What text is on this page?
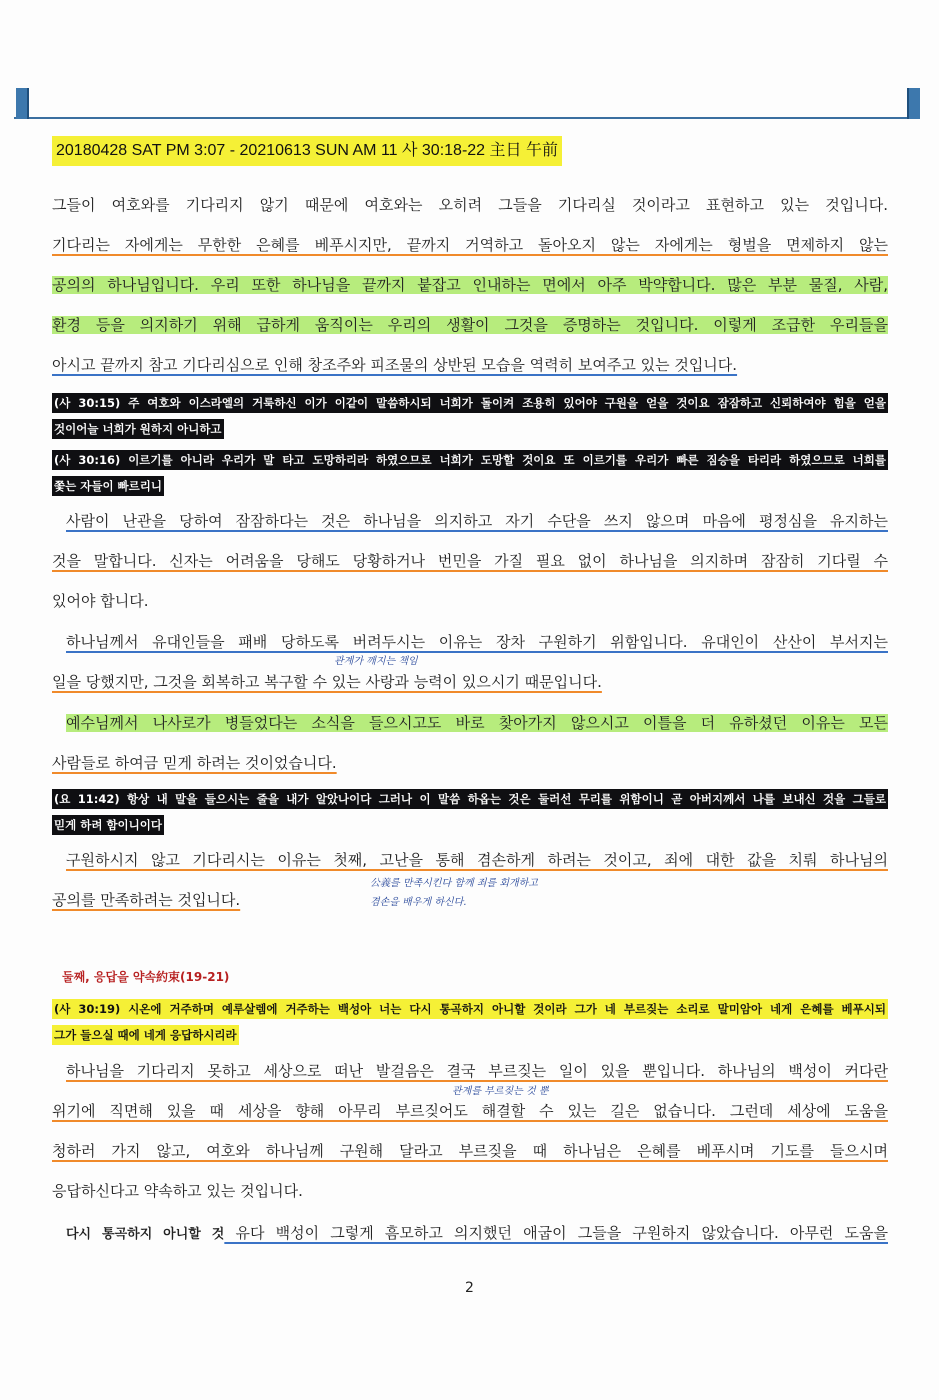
20180428 SAT PM 3:07 - 20210613 SUN AM 11 사 30:18-22 主日 午前
그들이 여호와를 기다리지 않기 때문에 여호와는 오히려 그들을 기다리실 것이라고 표현하고 있는 것입니다.
기다리는 자에게는 무한한 은혜를 베푸시지만, 끝까지 거역하고 돌아오지 않는 자에게는 형벌을 면제하지 않는
공의의 하나님입니다. 우리 또한 하나님을 끝까지 붙잡고 인내하는 면에서 아주 박약합니다. 많은 부분 물질, 사람,
환경 등을 의지하기 위해 급하게 움직이는 우리의 생활이 그것을 증명하는 것입니다. 이렇게 조급한 우리들을
아시고 끝까지 참고 기다리심으로 인해 창조주와 피조물의 상반된 모습을 역력히 보여주고 있는 것입니다.
(사 30:15) 주 여호와 이스라엘의 거룩하신 이가 이같이 말씀하시되 너희가 돌이켜 조용히 있어야 구원을 얻을 것이요 잠잠하고 신뢰하여야 힘을 얻을
것이어늘 너희가 원하지 아니하고
(사 30:16) 이르기를 아니라 우리가 말 타고 도망하리라 하였으므로 너희가 도망할 것이요 또 이르기를 우리가 빠른 짐승을 타리라 하였으므로 너희를
쫓는 자들이 빠르리니
사람이 난관을 당하여 잠잠하다는 것은 하나님을 의지하고 자기 수단을 쓰지 않으며 마음에 평정심을 유지하는
것을 말합니다. 신자는 어려움을 당해도 당황하거나 번민을 가질 필요 없이 하나님을 의지하며 잠잠히 기다릴 수
있어야 합니다.
하나님께서 유대인들을 패배 당하도록 버려두시는 이유는 장차 구원하기 위함입니다. 유대인이 산산이 부서지는
일을 당했지만, 그것을 회복하고 복구할 수 있는 사랑과 능력이 있으시기 때문입니다.
예수님께서 나사로가 병들었다는 소식을 들으시고도 바로 찾아가지 않으시고 이틀을 더 유하셨던 이유는 모든
사람들로 하여금 믿게 하려는 것이었습니다.
(요 11:42) 항상 내 말을 들으시는 줄을 내가 알았나이다 그러나 이 말씀 하옵는 것은 둘러선 무리를 위함이니 곧 아버지께서 나를 보내신 것을 그들로
믿게 하려 함이니이다
구원하시지 않고 기다리시는 이유는 첫째, 고난을 통해 겸손하게 하려는 것이고, 죄에 대한 값을 치뤄 하나님의
공의를 만족하려는 것입니다.
관계가 깨지는 책임
公義를 만족시킨다 함께 죄를 회개하고
겸손을 배우게 하신다.
관계를 부르짖는 것 뿐
둘째, 응답을 약속約束(19-21)
(사 30:19) 시온에 거주하며 예루살렘에 거주하는 백성아 너는 다시 통곡하지 아니할 것이라 그가 네 부르짖는 소리로 말미암아 네게 은혜를 베푸시되
그가 들으실 때에 네게 응답하시리라
하나님을 기다리지 못하고 세상으로 떠난 발걸음은 결국 부르짖는 일이 있을 뿐입니다. 하나님의 백성이 커다란
위기에 직면해 있을 때 세상을 향해 아무리 부르짖어도 해결할 수 있는 길은 없습니다. 그런데 세상에 도움을
청하러 가지 않고, 여호와 하나님께 구원해 달라고 부르짖을 때 하나님은 은혜를 베푸시며 기도를 들으시며
응답하신다고 약속하고 있는 것입니다.
다시 통곡하지 아니할 것 유다 백성이 그렇게 흠모하고 의지했던 애굽이 그들을 구원하지 않았습니다. 아무런 도움을
2
